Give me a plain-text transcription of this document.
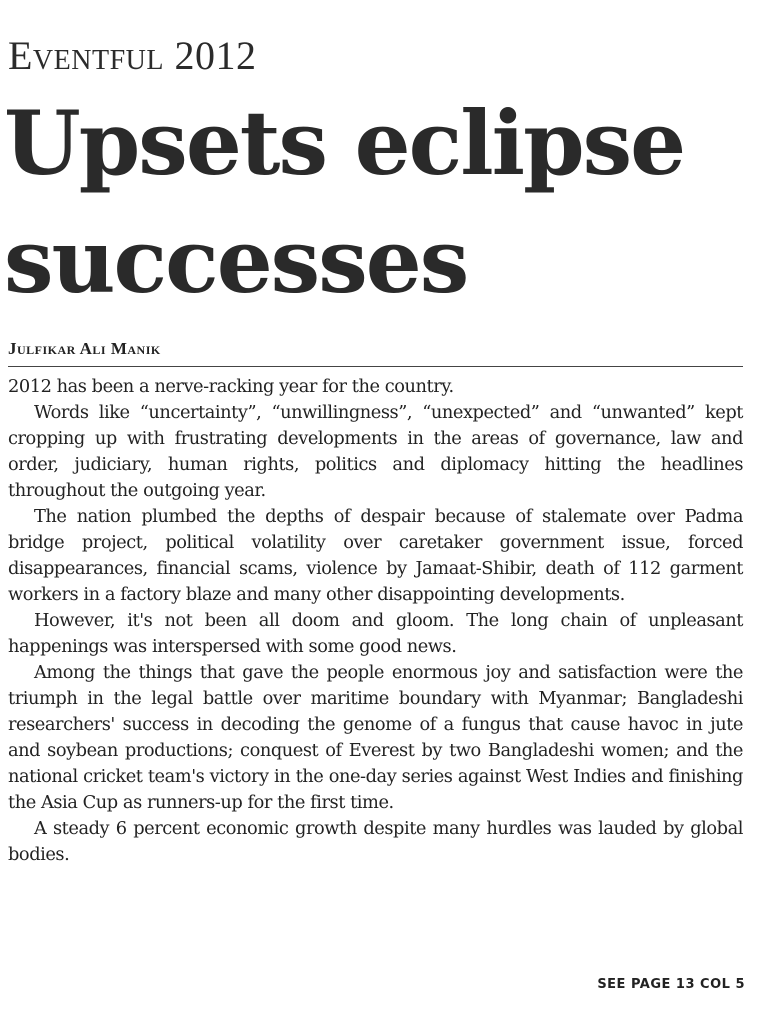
Eventful 2012
Upsets eclipse
successes
Julfikar Ali Manik

2012 has been a nerve-racking year for the country.

Words like “uncertainty”, “unwillingness”, “unexpected” and “unwanted” kept cropping up with frustrating developments in the areas of governance, law and order, judiciary, human rights, politics and diplomacy hitting the headlines throughout the outgoing year.

The nation plumbed the depths of despair because of stalemate over Padma bridge project, political volatility over caretaker government issue, forced disappearances, financial scams, violence by Jamaat-Shibir, death of 112 garment workers in a factory blaze and many other disappointing developments.

However, it's not been all doom and gloom. The long chain of unpleasant happenings was interspersed with some good news.

Among the things that gave the people enormous joy and satisfaction were the triumph in the legal battle over maritime boundary with Myanmar; Bangladeshi researchers' success in decoding the genome of a fungus that cause havoc in jute and soybean productions; conquest of Everest by two Bangladeshi women; and the national cricket team's victory in the one-day series against West Indies and finishing the Asia Cup as runners-up for the first time.

A steady 6 percent economic growth despite many hurdles was lauded by global bodies.

SEE PAGE 13 COL 5
